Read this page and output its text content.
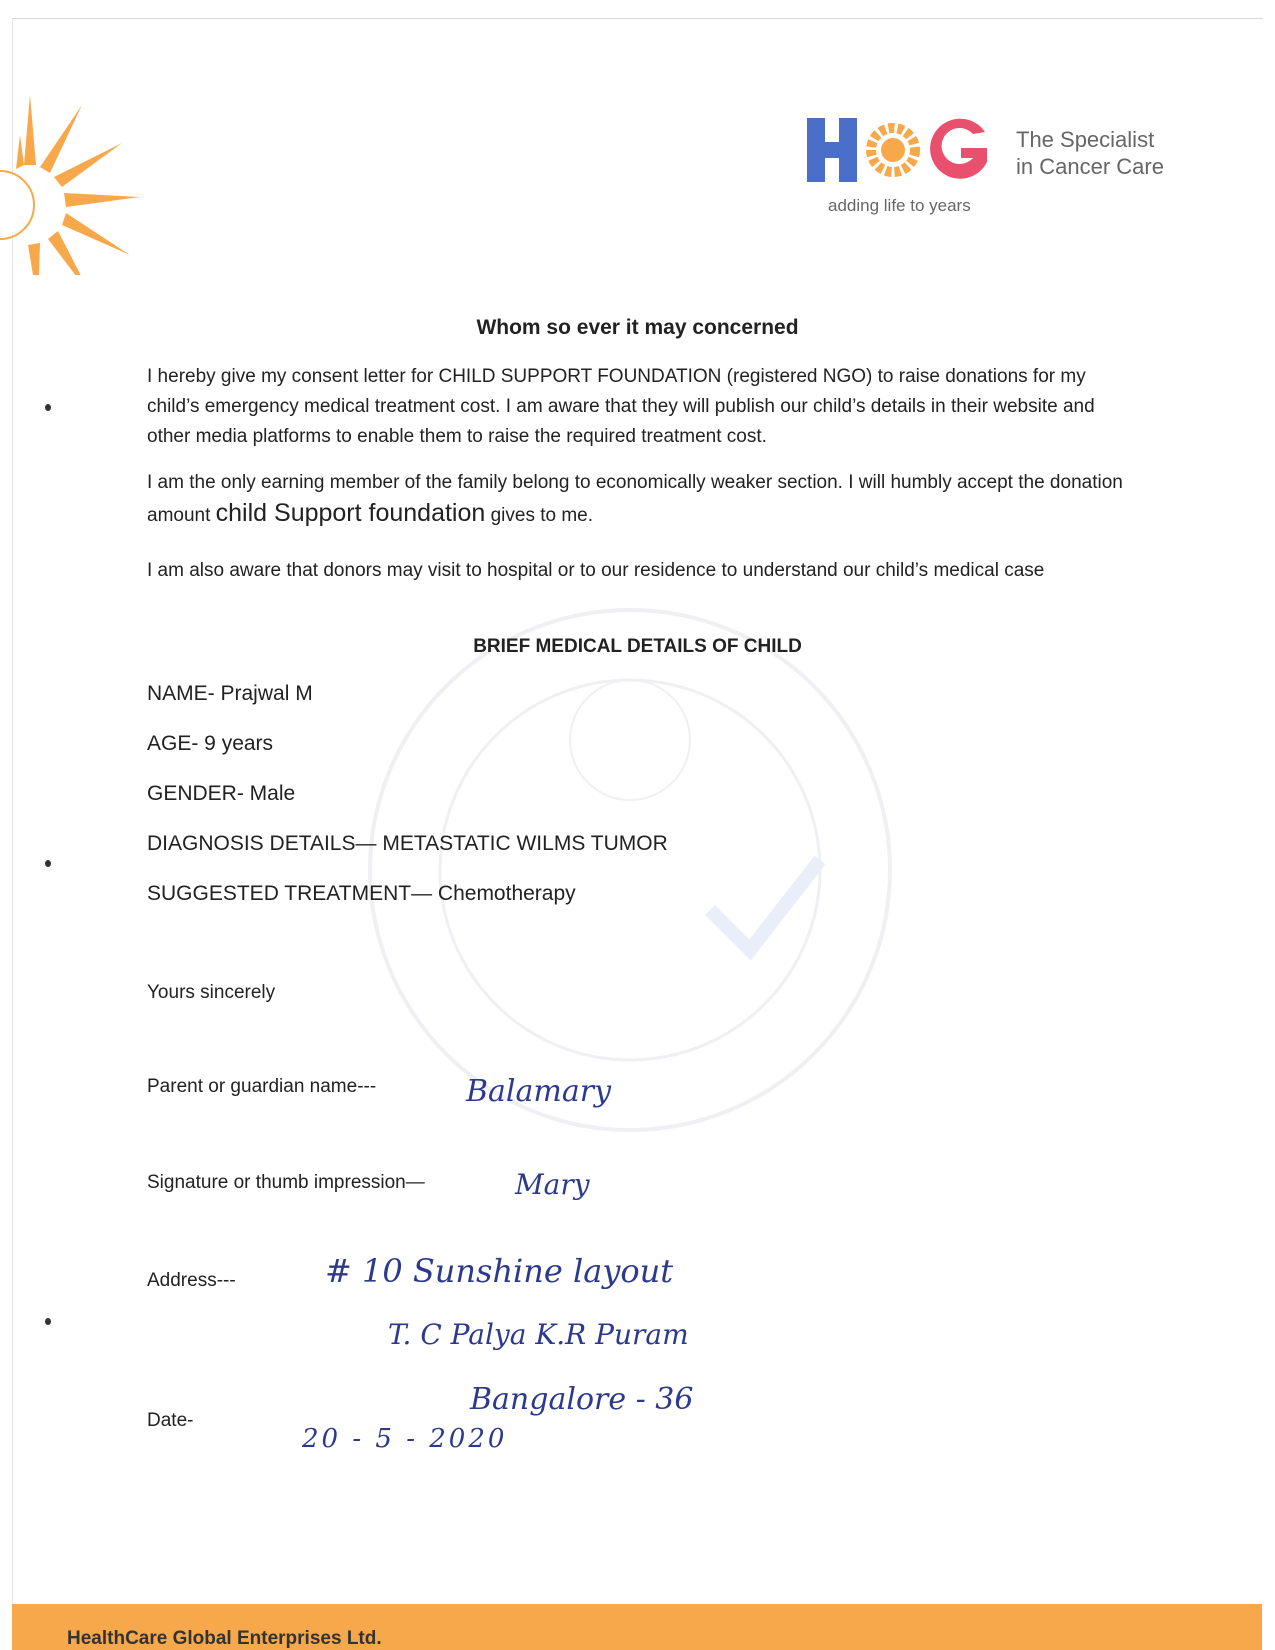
The Specialist
in Cancer Care
adding life to years
Whom so ever it may concerned
I hereby give my consent letter for CHILD SUPPORT FOUNDATION (registered NGO) to raise donations for my child’s emergency medical treatment cost. I am aware that they will publish our child’s details in their website and other media platforms to enable them to raise the required treatment cost.
I am the only earning member of the family belong to economically weaker section. I will humbly accept the donation amount child Support foundation gives to me.
I am also aware that donors may visit to hospital or to our residence to understand our child’s medical case
BRIEF MEDICAL DETAILS OF CHILD
NAME- Prajwal M
AGE- 9 years
GENDER- Male
DIAGNOSIS DETAILS— METASTATIC WILMS TUMOR
SUGGESTED TREATMENT— Chemotherapy
Yours sincerely
Parent or guardian name---	Balamary
Signature or thumb impression—	Mary
Address---	# 10 Sunshine layout
T. C Palya K.R Puram
Bangalore - 36
Date-
20 - 5 - 2020
HealthCare Global Enterprises Ltd.
